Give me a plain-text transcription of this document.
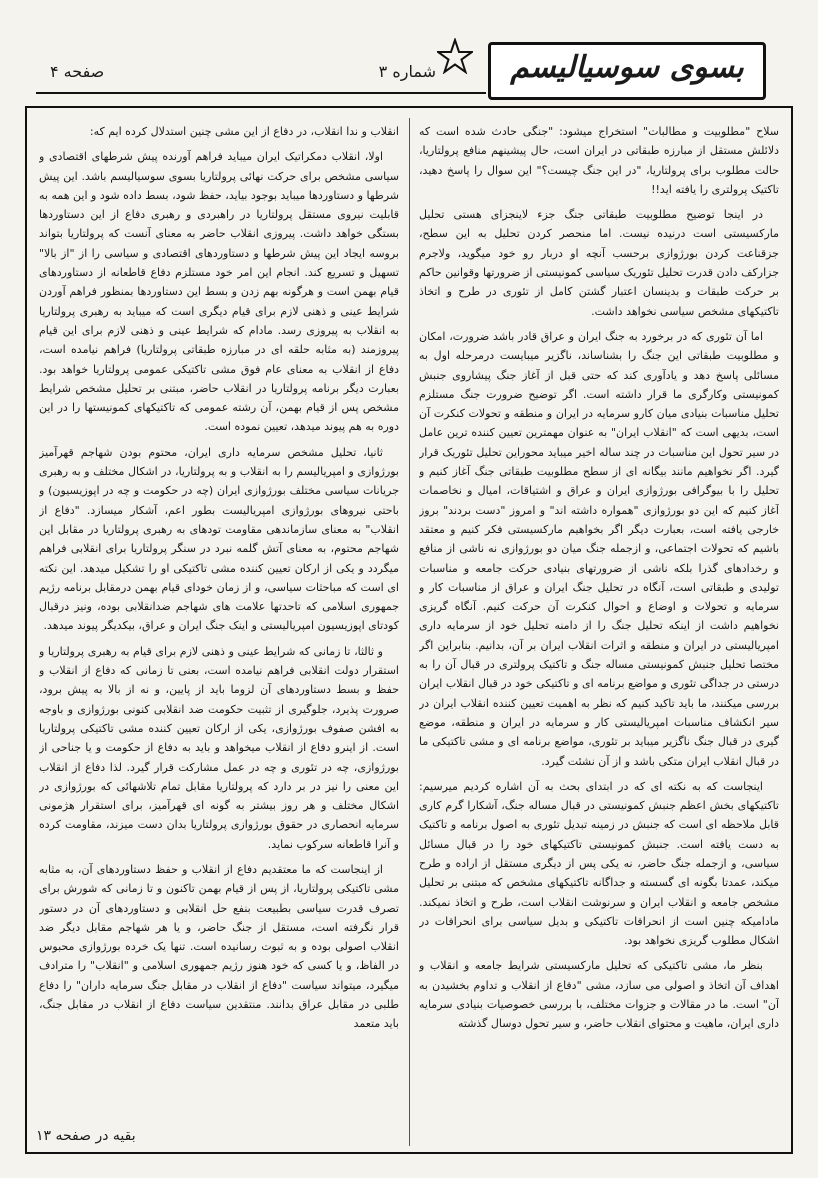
بسوی سوسیالیسم
شماره ۳
صفحه ۴

سلاح "مطلوبیت و مطالبات" استخراج میشود: "جنگی حادث شده است که دلائلش مستقل از مبارزه طبقاتی در ایران است، حال پیشینهم منافع پرولتاریا، حالت مطلوب برای پرولتاریا، "در این جنگ چیست؟" این سوال را پاسخ دهید، تاکتیک پرولتری را یافته اید!!

در اینجا توضیح مطلوبیت طبقاتی جنگ جزء لاینجزای هستی تحلیل مارکسیستی است درنیده نیست. اما منحصر کردن تحلیل به این سطح، جزقناعت کردن بورژوازی برحسب آنچه او دربار رو خود میگوید، ولاجرم جزارکف دادن قدرت تحلیل تئوریک سیاسی کمونیستی از ضرورتها وقوانین حاکم بر حرکت طبقات و بدینسان اعتبار گشتن کامل از تئوری در طرح و اتخاذ تاکتیکهای مشخص سیاسی نخواهد داشت.

اما آن تئوری که در برخورد به جنگ ایران و عراق قادر باشد ضرورت، امکان و مطلوبیت طبقاتی این جنگ را بشناساند، ناگزیر میبایست درمرحله اول به مسائلی پاسخ دهد و یادآوری کند که حتی قبل از آغاز جنگ پیشاروی جنبش کمونیستی وکارگری ما قرار داشته است. اگر توضیح ضرورت جنگ مستلزم تحلیل مناسبات بنیادی میان کارو سرمایه در ایران و منطقه و تحولات کنکرت آن است، بدیهی است که "انقلاب ایران" به عنوان مهمترین تعیین کننده ترین عامل در سیر تحول این مناسبات در چند ساله اخیر میباید محوراین تحلیل تئوریک قرار گیرد. اگر نخواهیم مانند بیگانه ای از سطح مطلوبیت طبقاتی جنگ آغاز کنیم و تحلیل را با بیوگرافی بورژوازی ایران و عراق و اشتیاقات، امیال و نخاصمات آغاز کنیم که این دو بورژوازی "همواره داشته اند" و امروز "دست بردند" بروز خارجی یافته است، بعبارت دیگر اگر بخواهیم مارکسیستی فکر کنیم و معتقد باشیم که تحولات اجتماعی، و ازجمله جنگ میان دو بورژوازی نه ناشی از منافع و رخدادهای گذرا بلکه ناشی از ضرورتهای بنیادی حرکت جامعه و مناسبات تولیدی و طبقاتی است، آنگاه در تحلیل جنگ ایران و عراق از مناسبات کار و سرمایه و تحولات و اوضاع و احوال کنکرت آن حرکت کنیم. آنگاه گریزی نخواهیم داشت از اینکه تحلیل جنگ را از دامنه تحلیل خود از سرمایه داری امپریالیستی در ایران و منطقه و اثرات انقلاب ایران بر آن، بدانیم. بنابراین اگر مختصا تحلیل جنبش کمونیستی مساله جنگ و تاکتیک پرولتری در قبال آن را به درستی در جداگی تئوری و مواضع برنامه ای و تاکتیکی خود در قبال انقلاب ایران بررسی میکنند، ما باید تاکید کنیم که نظر به اهمیت تعیین کننده انقلاب ایران در سیر انکشاف مناسبات امپریالیستی کار و سرمایه در ایران و منطقه، موضع گیری در قبال جنگ ناگزیر میباید بر تئوری، مواضع برنامه ای و مشی تاکتیکی ما در قبال انقلاب ایران متکی باشد و از آن نشئت گیرد.

اینجاست که به نکته ای که در ابتدای بحث به آن اشاره کردیم میرسیم: تاکتیکهای بخش اعظم جنبش کمونیستی در قبال مساله جنگ، آشکارا گرم کاری قابل ملاحظه ای است که جنبش در زمینه تبدیل تئوری به اصول برنامه و تاکتیک به دست یافته است. جنبش کمونیستی تاکتیکهای خود را در قبال مسائل سیاسی، و ازجمله جنگ حاضر، نه یکی پس از دیگری مستقل از اراده و طرح میکند، عمدتا بگونه ای گسسته و جداگانه تاکتیکهای مشخص که مبتنی بر تحلیل مشخص جامعه و انقلاب ایران و سرنوشت انقلاب است، طرح و اتخاذ نمیکند. مادامیکه چنین است از انحرافات تاکتیکی و بدیل سیاسی برای انحرافات در اشکال مطلوب گریزی نخواهد بود.

بنظر ما، مشی تاکتیکی که تحلیل مارکسیستی شرایط جامعه و انقلاب و اهداف آن اتخاذ و اصولی می سازد، مشی "دفاع از انقلاب و تداوم بخشیدن به آن" است. ما در مقالات و جزوات مختلف، با بررسی خصوصیات بنیادی سرمایه داری ایران، ماهیت و محتوای انقلاب حاضر، و سیر تحول دوسال گذشته

انقلاب و ندا انقلاب، در دفاع از این مشی چنین استدلال کرده ایم که:

اولا، انقلاب دمکراتیک ایران میباید فراهم آورنده پیش شرطهای اقتصادی و سیاسی مشخص برای حرکت نهائی پرولتاریا بسوی سوسیالیسم باشد. این پیش شرطها و دستاوردها میباید بوجود بیاید، حفظ شود، بسط داده شود و این همه به قابلیت نیروی مستقل پرولتاریا در راهبردی و رهبری دفاع از این دستاوردها بستگی خواهد داشت. پیروزی انقلاب حاضر به معنای آنست که پرولتاریا بتواند بروسه ایجاد این پیش شرطها و دستاوردهای اقتصادی و سیاسی را از "از بالا" تسهیل و تسریع کند. انجام این امر خود مستلزم دفاع قاطعانه از دستاوردهای قیام بهمن است و هرگونه بهم زدن و بسط این دستاوردها بمنظور فراهم آوردن شرایط عینی و ذهنی لازم برای قیام دیگری است که میباید به رهبری پرولتاریا به انقلاب به پیروزی رسد. مادام که شرایط عینی و ذهنی لازم برای این قیام پیروزمند (به مثابه حلقه ای در مبارزه طبقاتی پرولتاریا) فراهم نیامده است، دفاع از انقلاب به معنای عام فوق مشی تاکتیکی عمومی پرولتاریا خواهد بود. بعبارت دیگر برنامه پرولتاریا در انقلاب حاضر، مبتنی بر تحلیل مشخص شرایط مشخص پس از قیام بهمن، آن رشته عمومی که تاکتیکهای کمونیستها را در این دوره به هم پیوند میدهد، تعیین نموده است.

ثانیا، تحلیل مشخص سرمایه داری ایران، محتوم بودن شهاجم قهرآمیز بورژوازی و امپریالیسم را به انقلاب و به پرولتاریا، در اشکال مختلف و به رهبری جریانات سیاسی مختلف بورژوازی ایران (چه در حکومت و چه در اپوزیسیون) و باحتی نیروهای بورژوازی امپریالیست بطور اعم، آشکار میسازد. "دفاع از انقلاب" به معنای سازماندهی مقاومت تودهای به رهبری پرولتاریا در مقابل این شهاجم محتوم، به معنای آتش گلمه نبرد در سنگر پرولتاریا برای انقلابی فراهم میگردد و یکی از ارکان تعیین کننده مشی تاکتیکی او را تشکیل میدهد. این نکته ای است که مباحثات سیاسی، و از زمان خودای قیام بهمن درمقابل برنامه رژیم جمهوری اسلامی که تاحدتها علامت های شهاجم ضدانقلابی بوده، ونیز درقبال کودتای اپوزیسیون امپریالیستی و اینک جنگ ایران و عراق، بیکدیگر پیوند میدهد.

و ثالثا، تا زمانی که شرایط عینی و ذهنی لازم برای قیام به رهبری پرولتاریا و استقرار دولت انقلابی فراهم نیامده است، بعنی تا زمانی که دفاع از انقلاب و حفظ و بسط دستاوردهای آن لزوما باید از پایین، و نه از بالا به پیش برود، صرورت پذیرد، جلوگیری از تثبیت حکومت ضد انقلابی کنونی بورژوازی و باوجه به افشن صفوف بورژوازی، یکی از ارکان تعیین کننده مشی تاکتیکی پرولتاریا است. از اینرو دفاع از انقلاب میخواهد و باید به دفاع از حکومت و یا جناحی از بورژوازی، چه در تئوری و چه در عمل مشارکت قرار گیرد. لذا دفاع از انقلاب این معنی را نیز در بر دارد که پرولتاریا مقابل تمام تلاشهائی که بورژوازی در اشکال مختلف و هر روز بیشتر به گونه ای قهرآمیز، برای استقرار هژمونی سرمایه انحصاری در حقوق بورژوازی پرولتاریا بدان دست میزند، مقاومت کرده و آنرا قاطعانه سرکوب نماید.

از اینجاست که ما معتقدیم دفاع از انقلاب و حفظ دستاوردهای آن، به مثابه مشی تاکتیکی پرولتاریا، از پس از قیام بهمن تاکنون و تا زمانی که شورش برای تصرف قدرت سیاسی بطبیعت بنفع حل انقلابی و دستاوردهای آن در دستور قرار نگرفته است، مستقل از جنگ حاضر، و یا هر شهاجم مقابل دیگر ضد انقلاب اصولی بوده و به ثبوت رسانیده است. تنها یک خرده بورژوازی محبوس در الفاظ، و یا کسی که خود هنوز رژیم جمهوری اسلامی و "انقلاب" را مترادف میگیرد، میتواند سیاست "دفاع از انقلاب در مقابل جنگ سرمایه داران" را دفاع طلبی در مقابل عراق بدانند. منتقدین سیاست دفاع از انقلاب در مقابل جنگ، باید متعمد

بقیه در صفحه ۱۳
